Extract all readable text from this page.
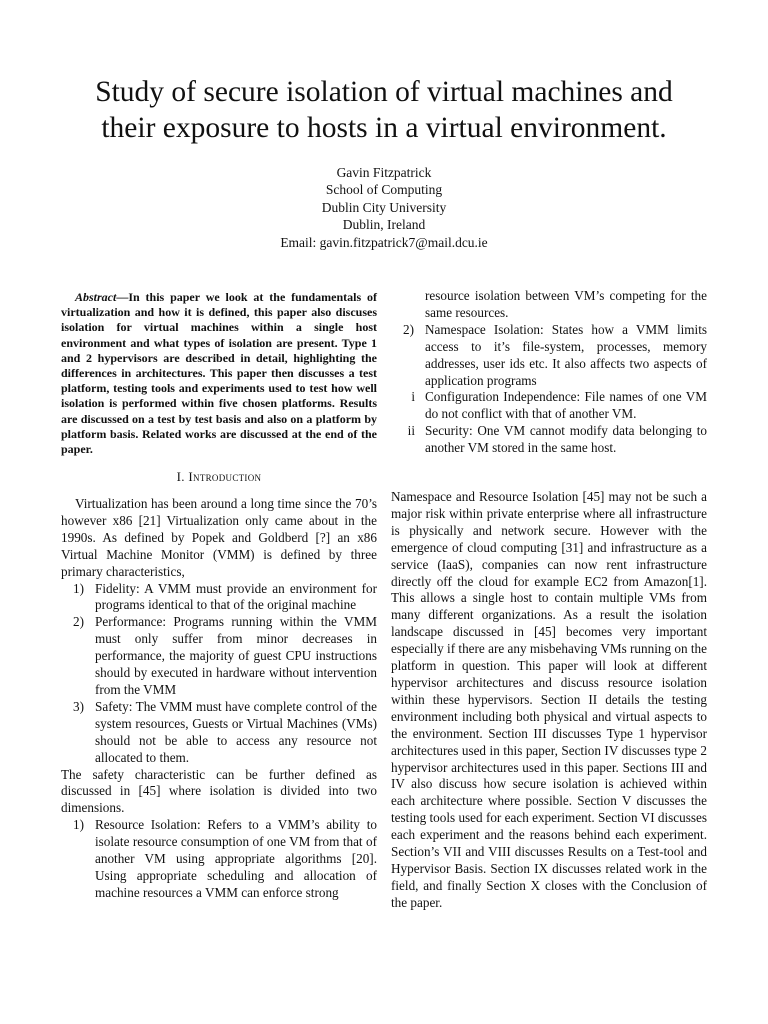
Study of secure isolation of virtual machines and
their exposure to hosts in a virtual environment.
Gavin Fitzpatrick
School of Computing
Dublin City University
Dublin, Ireland
Email: gavin.fitzpatrick7@mail.dcu.ie
Abstract—In this paper we look at the fundamentals of virtualization and how it is defined, this paper also discuses isolation for virtual machines within a single host environment and what types of isolation are present. Type 1 and 2 hypervisors are described in detail, highlighting the differences in architectures. This paper then discusses a test platform, testing tools and experiments used to test how well isolation is performed within five chosen platforms. Results are discussed on a test by test basis and also on a platform by platform basis. Related works are discussed at the end of the paper.
I. Introduction

Virtualization has been around a long time since the 70’s however x86 [21] Virtualization only came about in the 1990s. As defined by Popek and Goldberd [?] an x86 Virtual Machine Monitor (VMM) is defined by three primary characteristics,

1) Fidelity: A VMM must provide an environment for programs identical to that of the original machine
2) Performance: Programs running within the VMM must only suffer from minor decreases in performance, the majority of guest CPU instructions should by executed in hardware without intervention from the VMM
3) Safety: The VMM must have complete control of the system resources, Guests or Virtual Machines (VMs) should not be able to access any resource not allocated to them.

The safety characteristic can be further defined as discussed in [45] where isolation is divided into two dimensions.

1) Resource Isolation: Refers to a VMM’s ability to isolate resource consumption of one VM from that of another VM using appropriate algorithms [20]. Using appropriate scheduling and allocation of machine resources a VMM can enforce strong
resource isolation between VM’s competing for the same resources.
2) Namespace Isolation: States how a VMM limits access to it’s file-system, processes, memory addresses, user ids etc. It also affects two aspects of application programs
i Configuration Independence: File names of one VM do not conflict with that of another VM.
ii Security: One VM cannot modify data belonging to another VM stored in the same host.

Namespace and Resource Isolation [45] may not be such a major risk within private enterprise where all infrastructure is physically and network secure. However with the emergence of cloud computing [31] and infrastructure as a service (IaaS), companies can now rent infrastructure directly off the cloud for example EC2 from Amazon[1]. This allows a single host to contain multiple VMs from many different organizations. As a result the isolation landscape discussed in [45] becomes very important especially if there are any misbehaving VMs running on the platform in question. This paper will look at different hypervisor architectures and discuss resource isolation within these hypervisors. Section II details the testing environment including both physical and virtual aspects to the environment. Section III discusses Type 1 hypervisor architectures used in this paper, Section IV discusses type 2 hypervisor architectures used in this paper. Sections III and IV also discuss how secure isolation is achieved within each architecture where possible. Section V discusses the testing tools used for each experiment. Section VI discusses each experiment and the reasons behind each experiment. Section’s VII and VIII discusses Results on a Test-tool and Hypervisor Basis. Section IX discusses related work in the field, and finally Section X closes with the Conclusion of the paper.
